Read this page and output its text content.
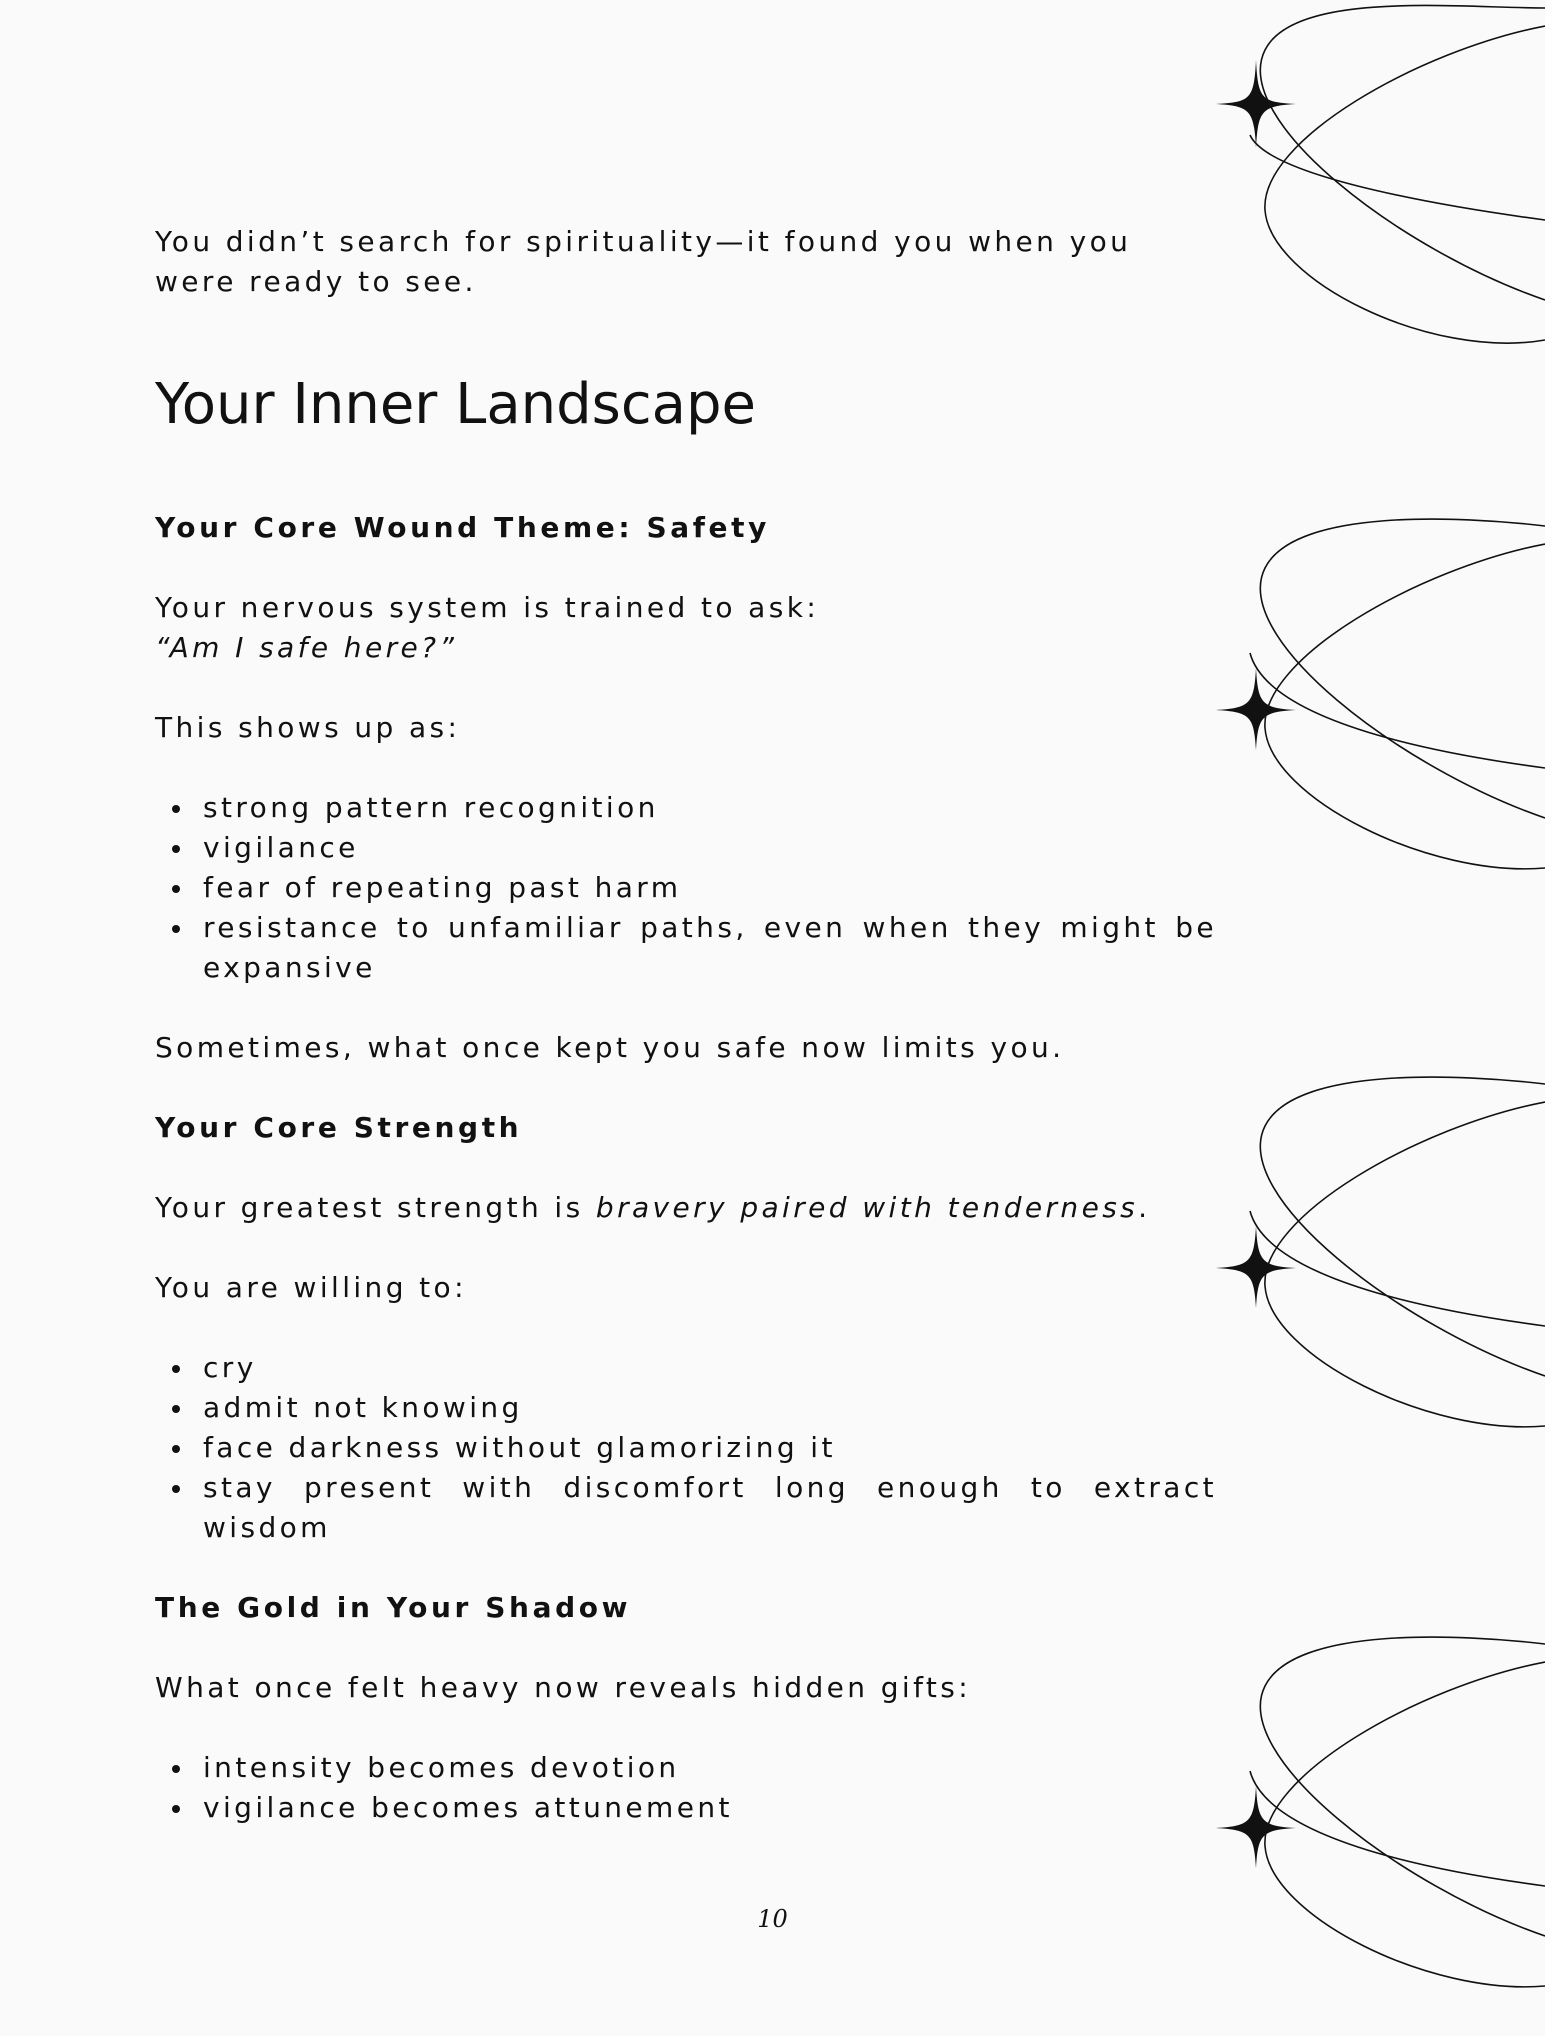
You didn’t search for spirituality—it found you when you were ready to see.

Your Inner Landscape

Your Core Wound Theme: Safety

Your nervous system is trained to ask:

“Am I safe here?”

This shows up as:

strong pattern recognition
vigilance
fear of repeating past harm
resistance to unfamiliar paths, even when they might be expansive

Sometimes, what once kept you safe now limits you.

Your Core Strength

Your greatest strength is bravery paired with tenderness.

You are willing to:

cry
admit not knowing
face darkness without glamorizing it
stay present with discomfort long enough to extract wisdom

The Gold in Your Shadow

What once felt heavy now reveals hidden gifts:

intensity becomes devotion
vigilance becomes attunement
10
